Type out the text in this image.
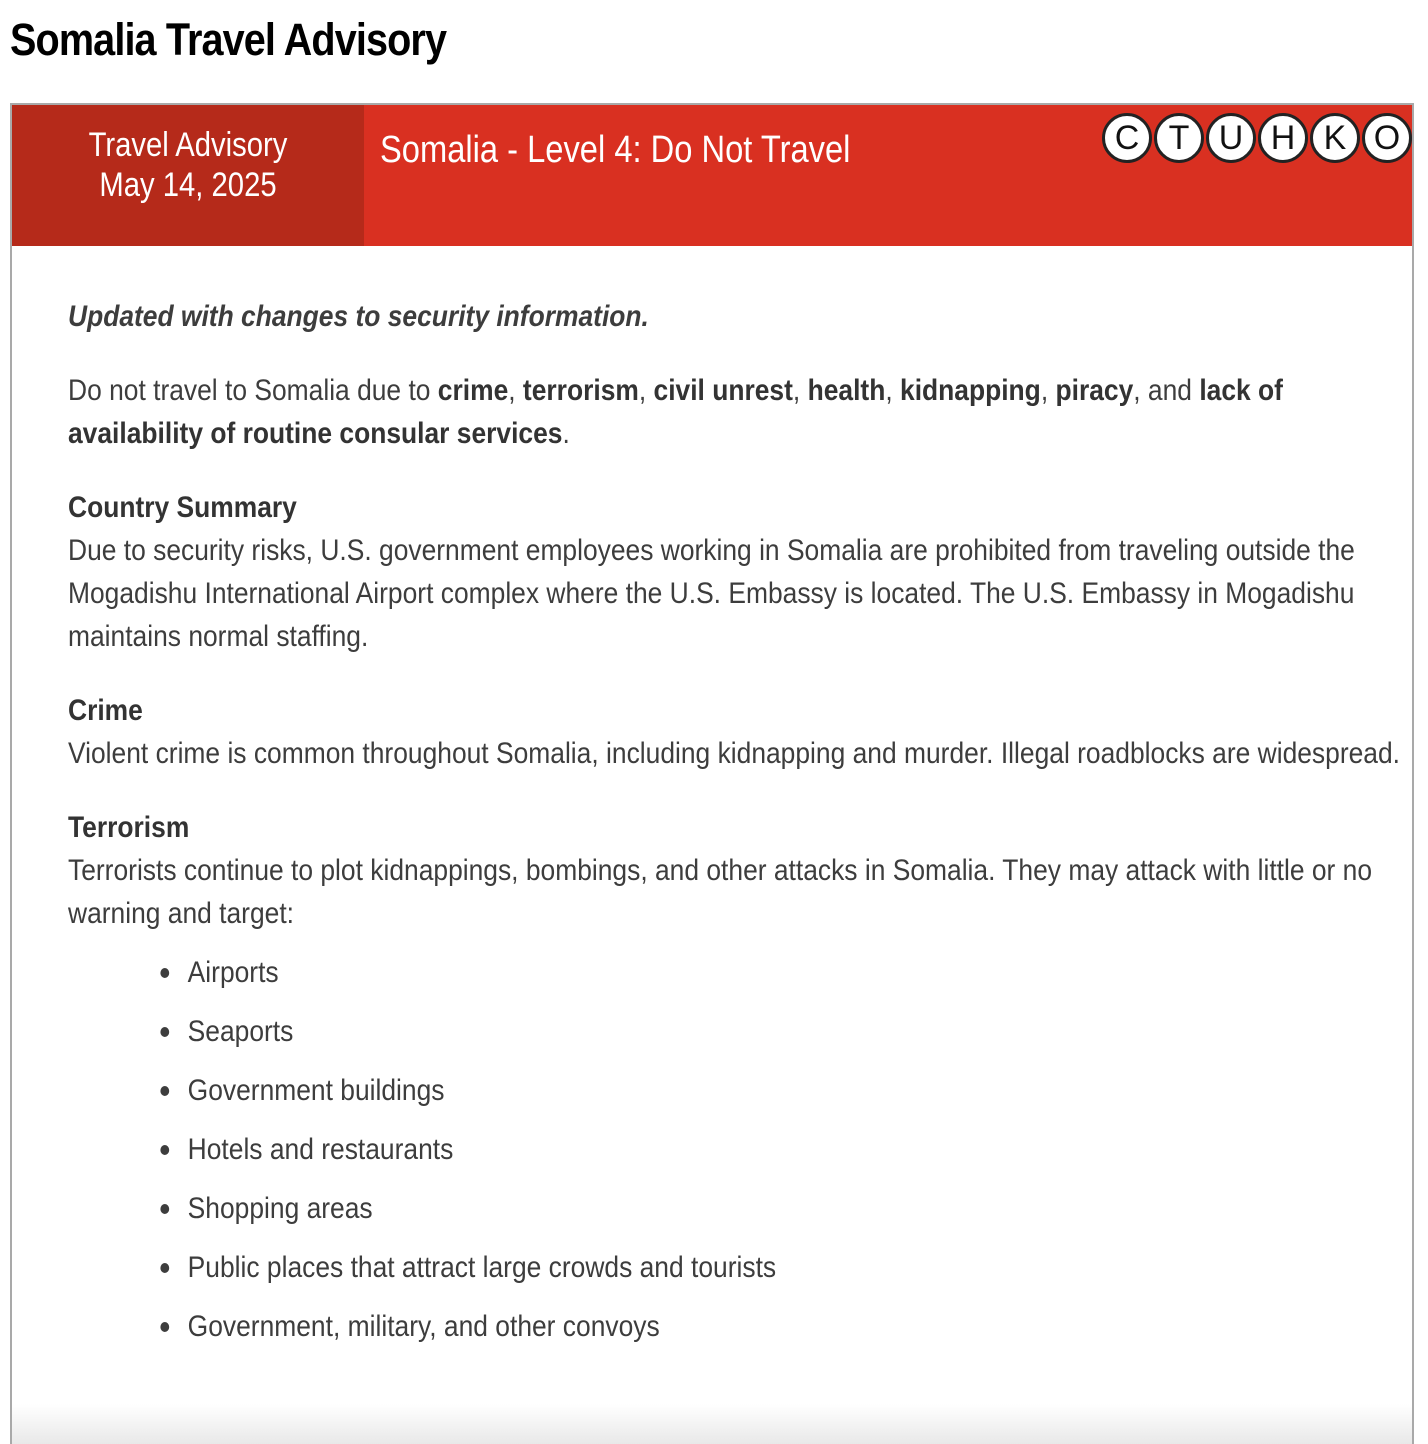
Somalia Travel Advisory
Travel Advisory
May 14, 2025
Somalia - Level 4: Do Not Travel	C T U H K O

Updated with changes to security information.

Do not travel to Somalia due to crime, terrorism, civil unrest, health, kidnapping, piracy, and lack of availability of routine consular services.

Country Summary
Due to security risks, U.S. government employees working in Somalia are prohibited from traveling outside the Mogadishu International Airport complex where the U.S. Embassy is located. The U.S. Embassy in Mogadishu maintains normal staffing.
Crime
Violent crime is common throughout Somalia, including kidnapping and murder. Illegal roadblocks are widespread.
Terrorism
Terrorists continue to plot kidnappings, bombings, and other attacks in Somalia. They may attack with little or no warning and target:
Airports
Seaports
Government buildings
Hotels and restaurants
Shopping areas
Public places that attract large crowds and tourists
Government, military, and other convoys
